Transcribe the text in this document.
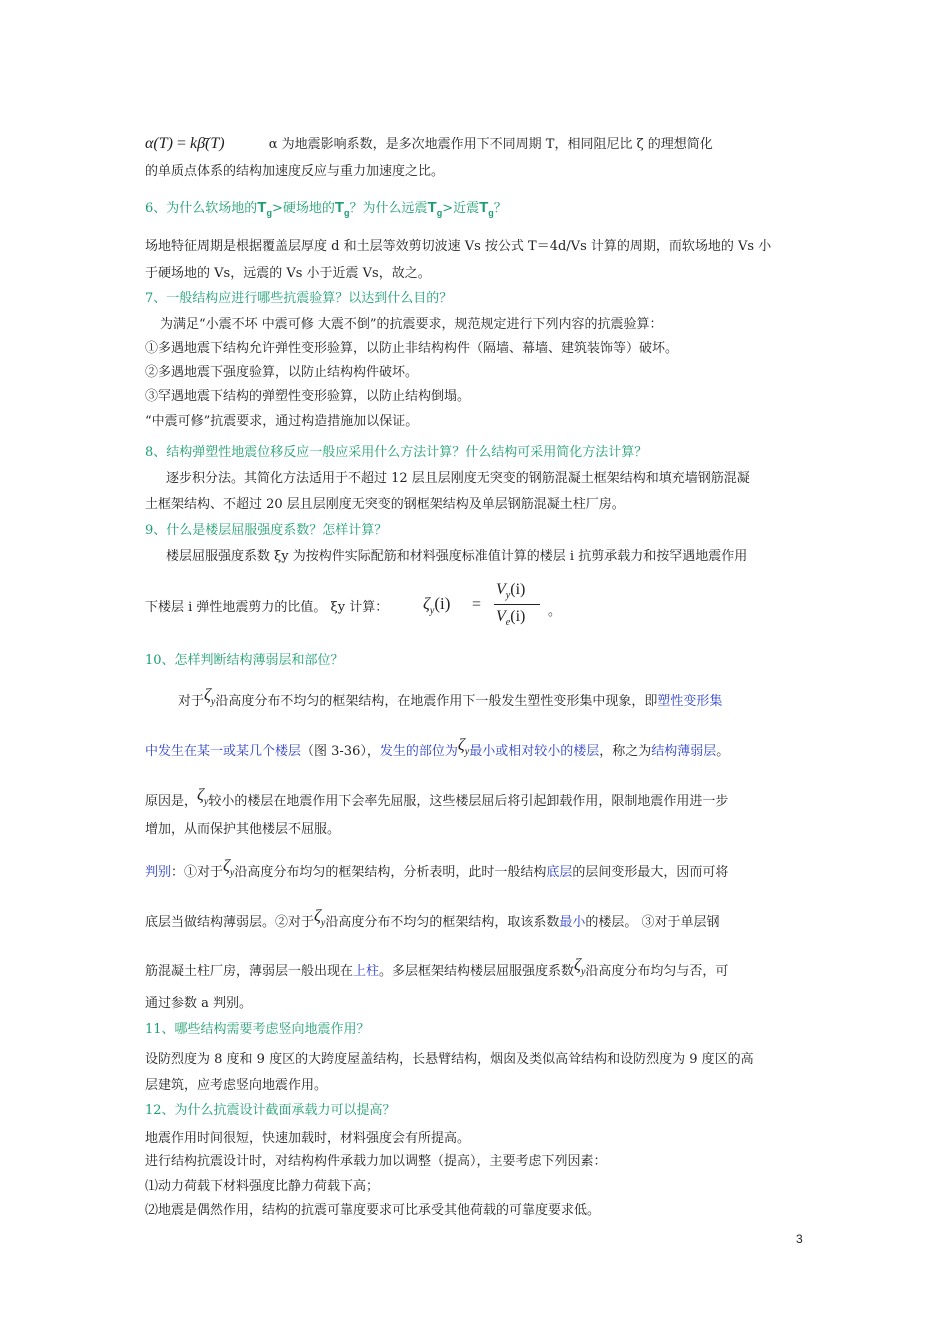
α(T) = kβ̄(T)	α 为地震影响系数，是多次地震作用下不同周期 T，相同阻尼比 ζ 的理想简化
的单质点体系的结构加速度反应与重力加速度之比。
6、为什么软场地的$T_g>$硬场地的$T_g$？为什么远震$T_g>$近震$T_g$？
场地特征周期是根据覆盖层厚度 d 和土层等效剪切波速 Vs 按公式 T＝4d/Vs 计算的周期，而软场地的 Vs 小
于硬场地的 Vs，远震的 Vs 小于近震 Vs，故之。
7、一般结构应进行哪些抗震验算？以达到什么目的？
为满足“小震不坏 中震可修 大震不倒”的抗震要求，规范规定进行下列内容的抗震验算：
①多遇地震下结构允许弹性变形验算，以防止非结构构件（隔墙、幕墙、建筑装饰等）破坏。
②多遇地震下强度验算，以防止结构构件破坏。
③罕遇地震下结构的弹塑性变形验算，以防止结构倒塌。
“中震可修”抗震要求，通过构造措施加以保证。
8、结构弹塑性地震位移反应一般应采用什么方法计算？什么结构可采用简化方法计算？
逐步积分法。其简化方法适用于不超过 12 层且层刚度无突变的钢筋混凝土框架结构和填充墙钢筋混凝
土框架结构、不超过 20 层且层刚度无突变的钢框架结构及单层钢筋混凝土柱厂房。
9、什么是楼层屈服强度系数？怎样计算？
楼层屈服强度系数 ξy 为按构件实际配筋和材料强度标准值计算的楼层 i 抗剪承载力和按罕遇地震作用
下楼层 i 弹性地震剪力的比值。 ξy 计算： $\zeta_y(i)$ =
$V_y(i)$
$V_e(i)$ 。
10、怎样判断结构薄弱层和部位？
对于$\zeta_y$沿高度分布不均匀的框架结构，在地震作用下一般发生塑性变形集中现象，即塑性变形集
中发生在某一或某几个楼层（图 3-36），发生的部位为$\zeta_y$最小或相对较小的楼层，称之为结构薄弱层。
原因是，$\zeta_y$较小的楼层在地震作用下会率先屈服，这些楼层屈后将引起卸载作用，限制地震作用进一步
增加，从而保护其他楼层不屈服。
判别：①对于$\zeta_y$沿高度分布均匀的框架结构，分析表明，此时一般结构底层的层间变形最大，因而可将
底层当做结构薄弱层。②对于$\zeta_y$沿高度分布不均匀的框架结构，取该系数最小的楼层。 ③对于单层钢
筋混凝土柱厂房，薄弱层一般出现在上柱。多层框架结构楼层屈服强度系数$\zeta_y$沿高度分布均匀与否，可
通过参数 a 判别。
11、哪些结构需要考虑竖向地震作用？
设防烈度为 8 度和 9 度区的大跨度屋盖结构，长悬臂结构，烟囱及类似高耸结构和设防烈度为 9 度区的高
层建筑，应考虑竖向地震作用。
12、为什么抗震设计截面承载力可以提高？
地震作用时间很短，快速加载时，材料强度会有所提高。
进行结构抗震设计时，对结构构件承载力加以调整（提高），主要考虑下列因素：
⑴动力荷载下材料强度比静力荷载下高；
⑵地震是偶然作用，结构的抗震可靠度要求可比承受其他荷载的可靠度要求低。
3
